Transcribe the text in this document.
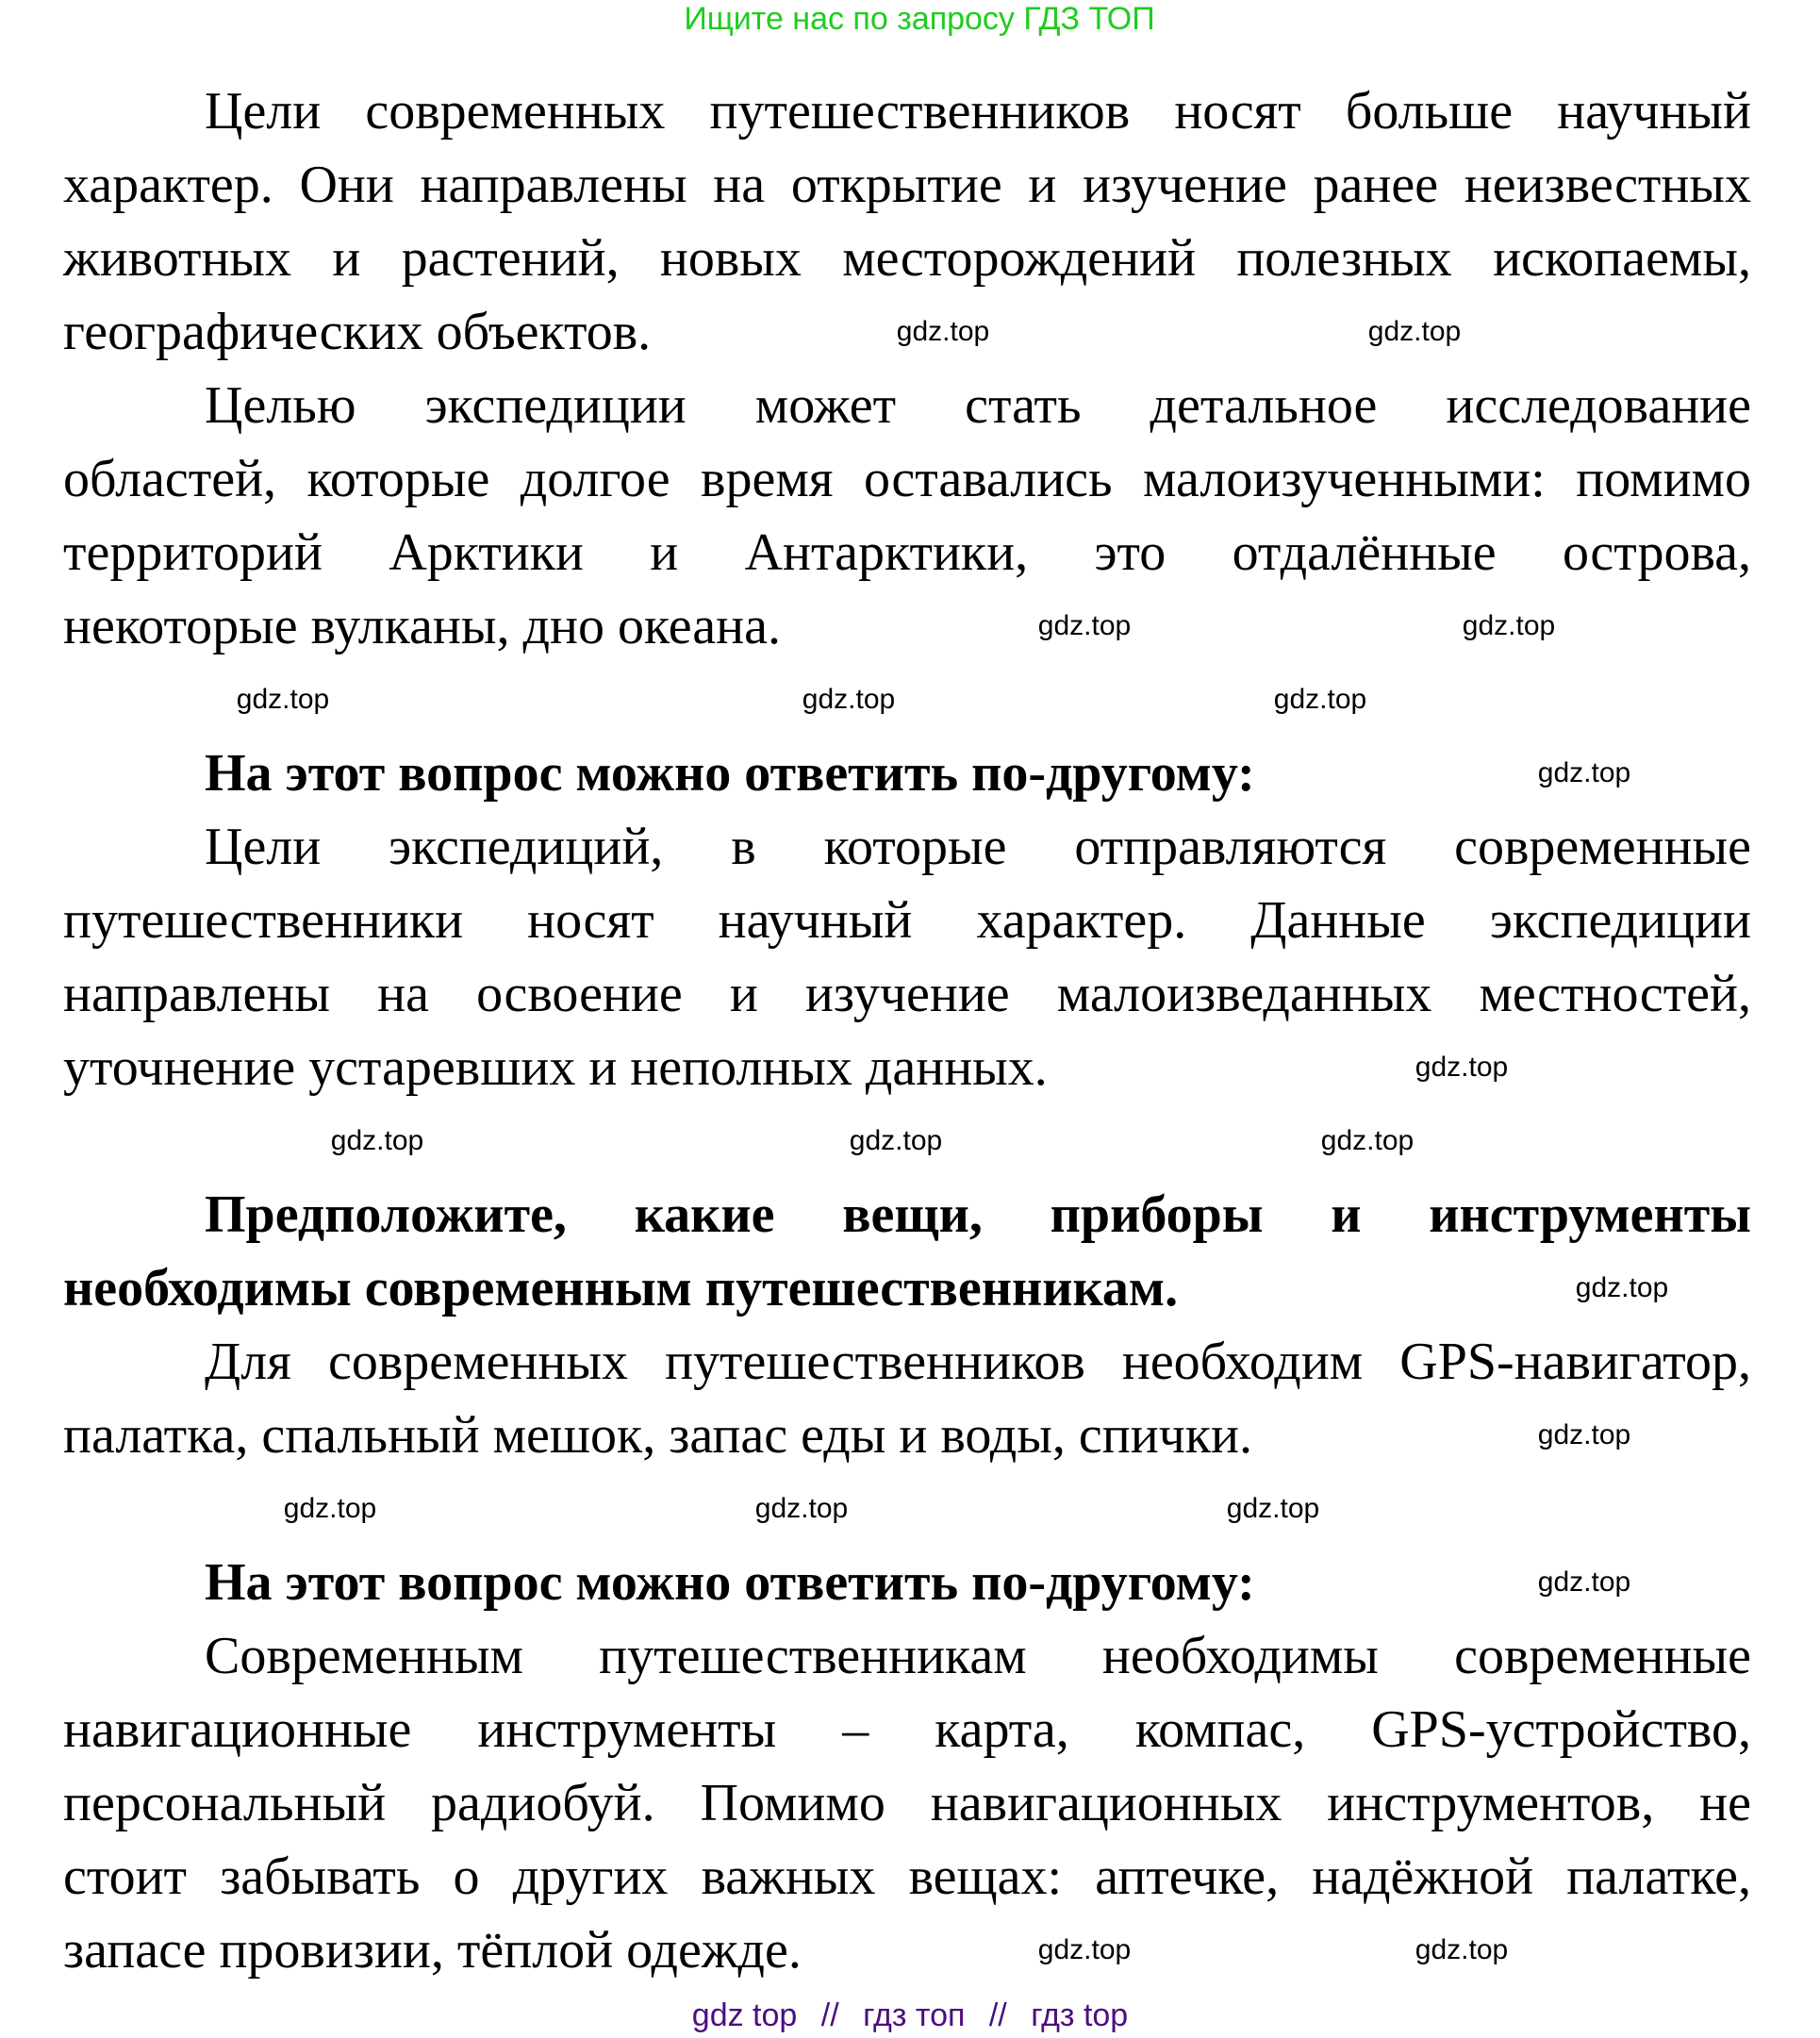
Ищите нас по запросу ГДЗ ТОП
Цели современных путешественников носят больше научный
характер. Они направлены на открытие и изучение ранее неизвестных
животных и растений, новых месторождений полезных ископаемы,
географических объектов.
Целью экспедиции может стать детальное исследование
областей, которые долгое время оставались малоизученными: помимо
территорий Арктики и Антарктики, это отдалённые острова,
некоторые вулканы, дно океана.
На этот вопрос можно ответить по-другому:
Цели экспедиций, в которые отправляются современные
путешественники носят научный характер. Данные экспедиции
направлены на освоение и изучение малоизведанных местностей,
уточнение устаревших и неполных данных.
Предположите, какие вещи, приборы и инструменты
необходимы современным путешественникам.
Для современных путешественников необходим GPS-навигатор,
палатка, спальный мешок, запас еды и воды, спички.
На этот вопрос можно ответить по-другому:
Современным путешественникам необходимы современные
навигационные инструменты – карта, компас, GPS-устройство,
персональный радиобуй. Помимо навигационных инструментов, не
стоит забывать о других важных вещах: аптечке, надёжной палатке,
запасе провизии, тёплой одежде.
gdz.top	gdz.top
gdz.top	gdz.top
gdz.top	gdz.top	gdz.top
gdz.top
gdz.top
gdz.top	gdz.top	gdz.top
gdz.top
gdz.top
gdz.top	gdz.top	gdz.top
gdz.top
gdz.top	gdz.top
gdz top // гдз топ // гдз top
